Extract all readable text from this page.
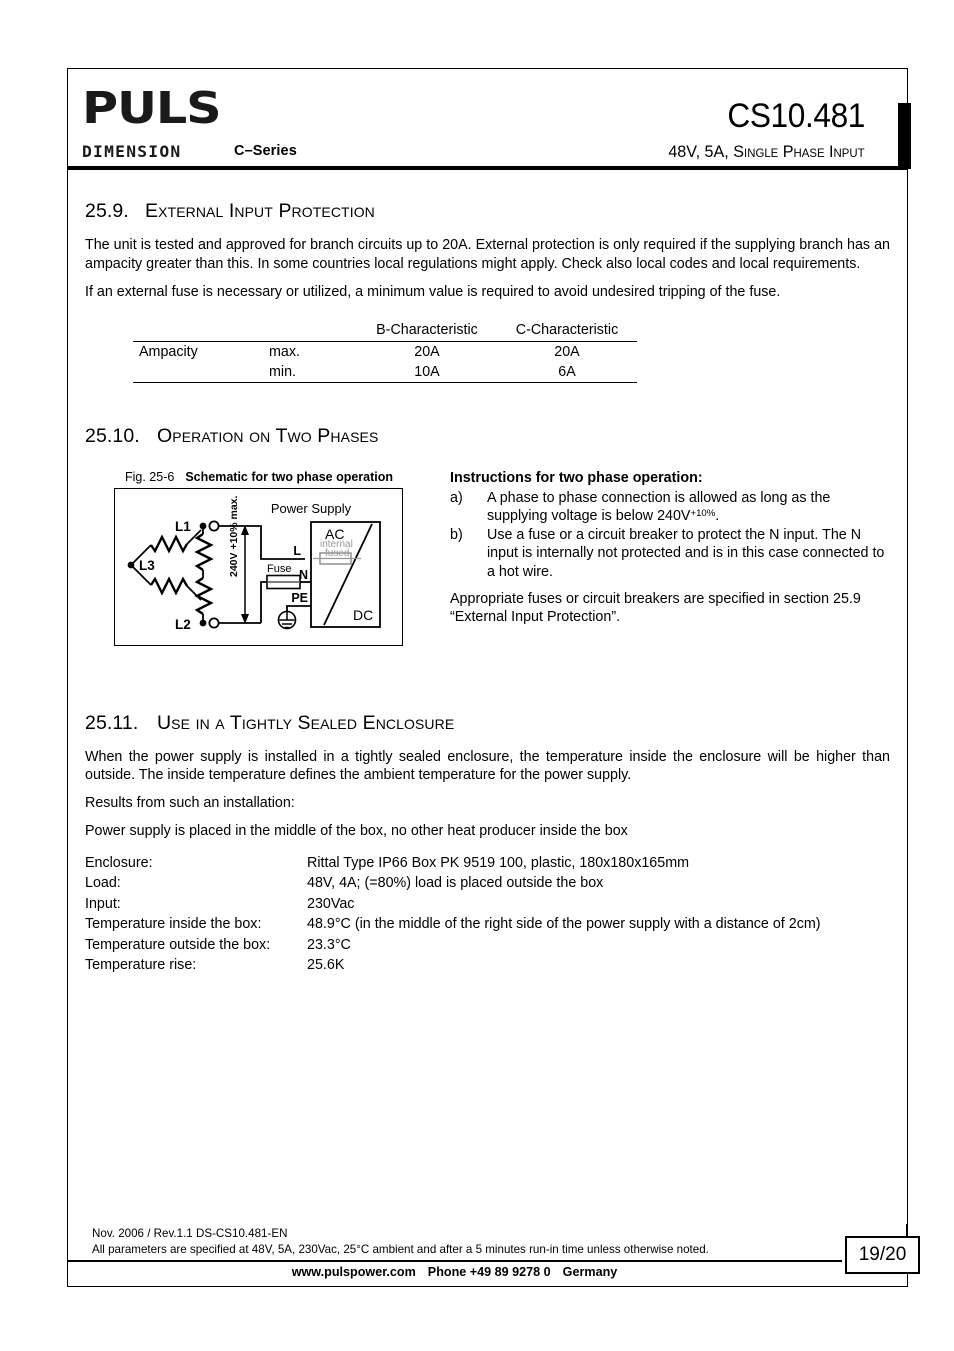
PULS
DIMENSION	C–Series
CS10.481
48V, 5A, Single Phase Input
25.9. External Input Protection

The unit is tested and approved for branch circuits up to 20A. External protection is only required if the supplying branch has an ampacity greater than this. In some countries local regulations might apply. Check also local codes and local requirements.

If an external fuse is necessary or utilized, a minimum value is required to avoid undesired tripping of the fuse.

		B-Characteristic	C-Characteristic
Ampacity	max.	20A	20A
	min.	10A	6A
25.10. Operation on Two Phases
Fig. 25-6 Schematic for two phase operation
L1
L2
L3	240V +10% max. Fuse
Power Supply
AC
DC
internal
fused
L
N
PE
Instructions for two phase operation:
a) A phase to phase connection is allowed as long as the supplying voltage is below $240V^{+10\%}$.
b) Use a fuse or a circuit breaker to protect the N input. The N input is internally not protected and is in this case connected to a hot wire.
Appropriate fuses or circuit breakers are specified in section 25.9 “External Input Protection”.
25.11. Use in a Tightly Sealed Enclosure

When the power supply is installed in a tightly sealed enclosure, the temperature inside the enclosure will be higher than outside. The inside temperature defines the ambient temperature for the power supply.

Results from such an installation:

Power supply is placed in the middle of the box, no other heat producer inside the box

Enclosure:	Rittal Type IP66 Box PK 9519 100, plastic, 180x180x165mm
Load:	48V, 4A; (=80%) load is placed outside the box
Input:	230Vac
Temperature inside the box:	48.9°C (in the middle of the right side of the power supply with a distance of 2cm)
Temperature outside the box:	23.3°C
Temperature rise:	25.6K
Nov. 2006 / Rev.1.1 DS-CS10.481-EN
All parameters are specified at 48V, 5A, 230Vac, 25°C ambient and after a 5 minutes run-in time unless otherwise noted.
www.pulspower.com Phone +49 89 9278 0 Germany
19/20
